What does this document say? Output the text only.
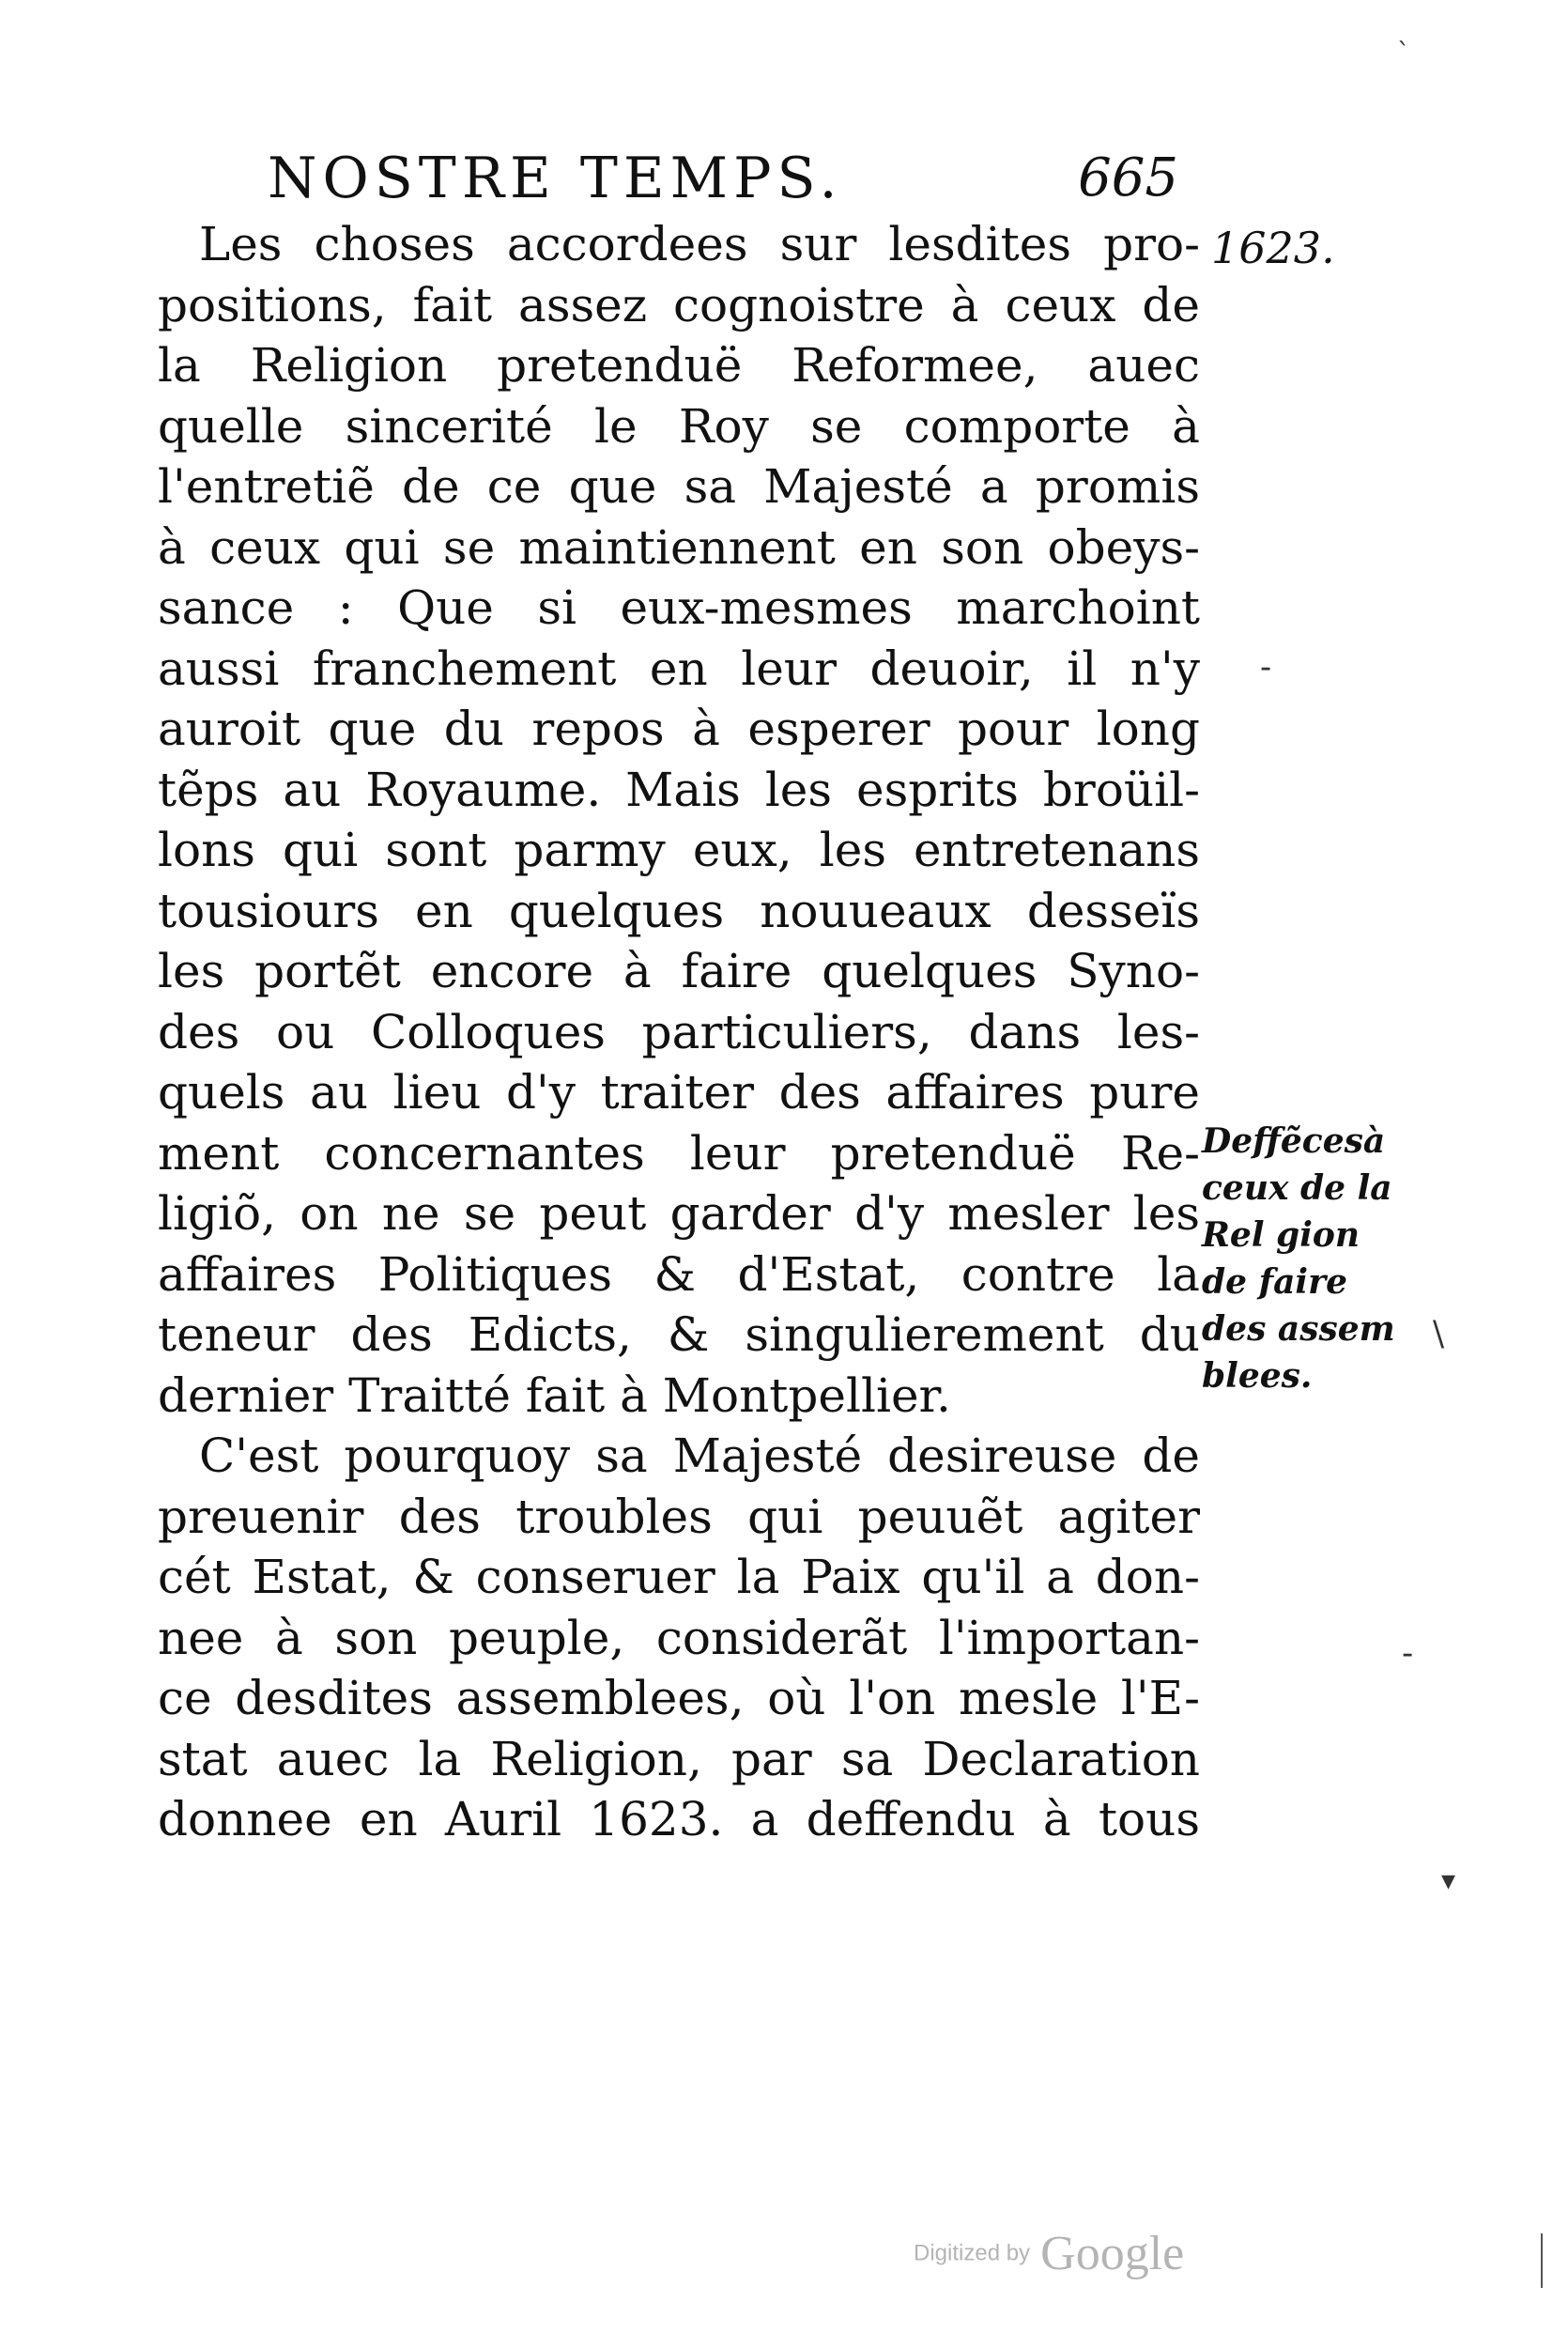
NOSTRE TEMPS.	665
1623.
Les choses accordees sur lesdites pro-
positions, fait assez cognoistre à ceux de
la Religion pretenduë Reformee, auec
quelle sincerité le Roy se comporte à
l'entretiẽ de ce que sa Majesté a promis
à ceux qui se maintiennent en son obeys-
sance : Que si eux-mesmes marchoint
aussi franchement en leur deuoir, il n'y
auroit que du repos à esperer pour long
tẽps au Royaume. Mais les esprits broüil-
lons qui sont parmy eux, les entretenans
tousiours en quelques nouueaux desseïs
les portẽt encore à faire quelques Syno-
des ou Colloques particuliers, dans les-
quels au lieu d'y traiter des affaires pure
ment concernantes leur pretenduë Re-
ligiõ, on ne se peut garder d'y mesler les
affaires Politiques & d'Estat, contre la
teneur des Edicts, & singulierement du
dernier Traitté fait à Montpellier.
C'est pourquoy sa Majesté desireuse de
preuenir des troubles qui peuuẽt agiter
cét Estat, & conseruer la Paix qu'il a don-
nee à son peuple, considerãt l'importan-
ce desdites assemblees, où l'on mesle l'E-
stat auec la Religion, par sa Declaration
donnee en Auril 1623. a deffendu à tous
Deffẽcesà
ceux de la
Rel gion
de faire
des assem
blees.
-
\
-
▾
`
Digitized by Google
